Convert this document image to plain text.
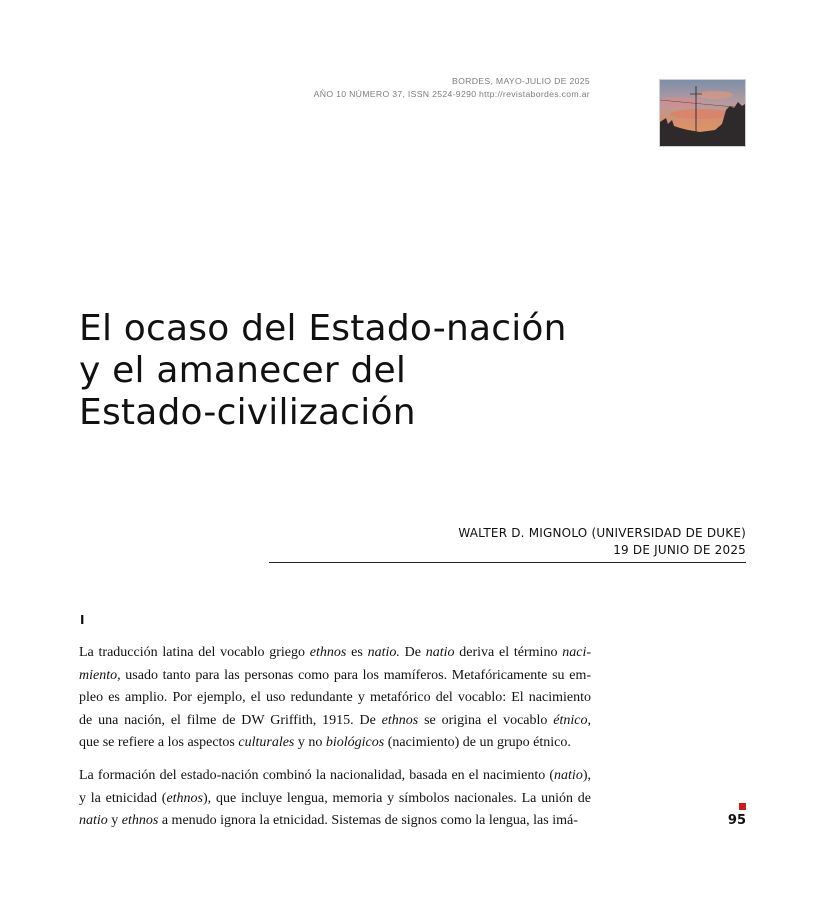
BORDES, MAYO-JULIO DE 2025
AÑO 10 NÚMERO 37, ISSN 2524-9290 http://revistabordes.com.ar
El ocaso del Estado-nación
y el amanecer del
Estado-civilización
WALTER D. MIGNOLO (UNIVERSIDAD DE DUKE)
19 DE JUNIO DE 2025
I

La traducción latina del vocablo griego ethnos es natio. De natio deriva el término naci-
miento, usado tanto para las personas como para los mamíferos. Metafóricamente su em-
pleo es amplio. Por ejemplo, el uso redundante y metafórico del vocablo: El nacimiento
de una nación, el filme de DW Griffith, 1915. De ethnos se origina el vocablo étnico,
que se refiere a los aspectos culturales y no biológicos (nacimiento) de un grupo étnico.

La formación del estado-nación combinó la nacionalidad, basada en el nacimiento (natio),
y la etnicidad (ethnos), que incluye lengua, memoria y símbolos nacionales. La unión de
natio y ethnos a menudo ignora la etnicidad. Sistemas de signos como la lengua, las imá-	95
